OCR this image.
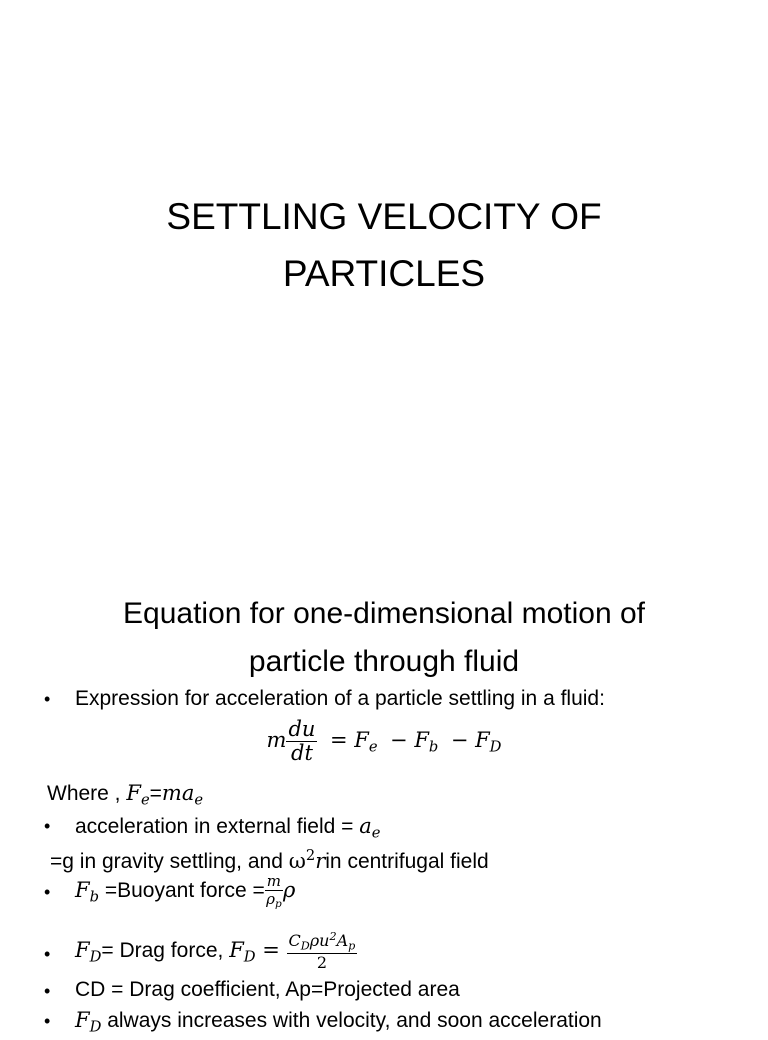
SETTLING VELOCITY OF
PARTICLES
Equation for one-dimensional motion of
particle through fluid
• Expression for acceleration of a particle settling in a fluid:
m $\frac{du}{dt} = F_e - F_b - F_D$
Where , $F_e=ma_e$
• acceleration in external field = $a_e$
=g in gravity settling, and $\omega^2rin$ centrifugal field
• $F_b$ =Buoyant force = $\frac{m}{\rho_p}$ ρ
• $F_D=$ Drag force, $F_D = \frac{C_D\rho u^2A_p}{2}$
• CD = Drag coefficient, Ap=Projected area
• $F_D$ always increases with velocity, and soon acceleration
